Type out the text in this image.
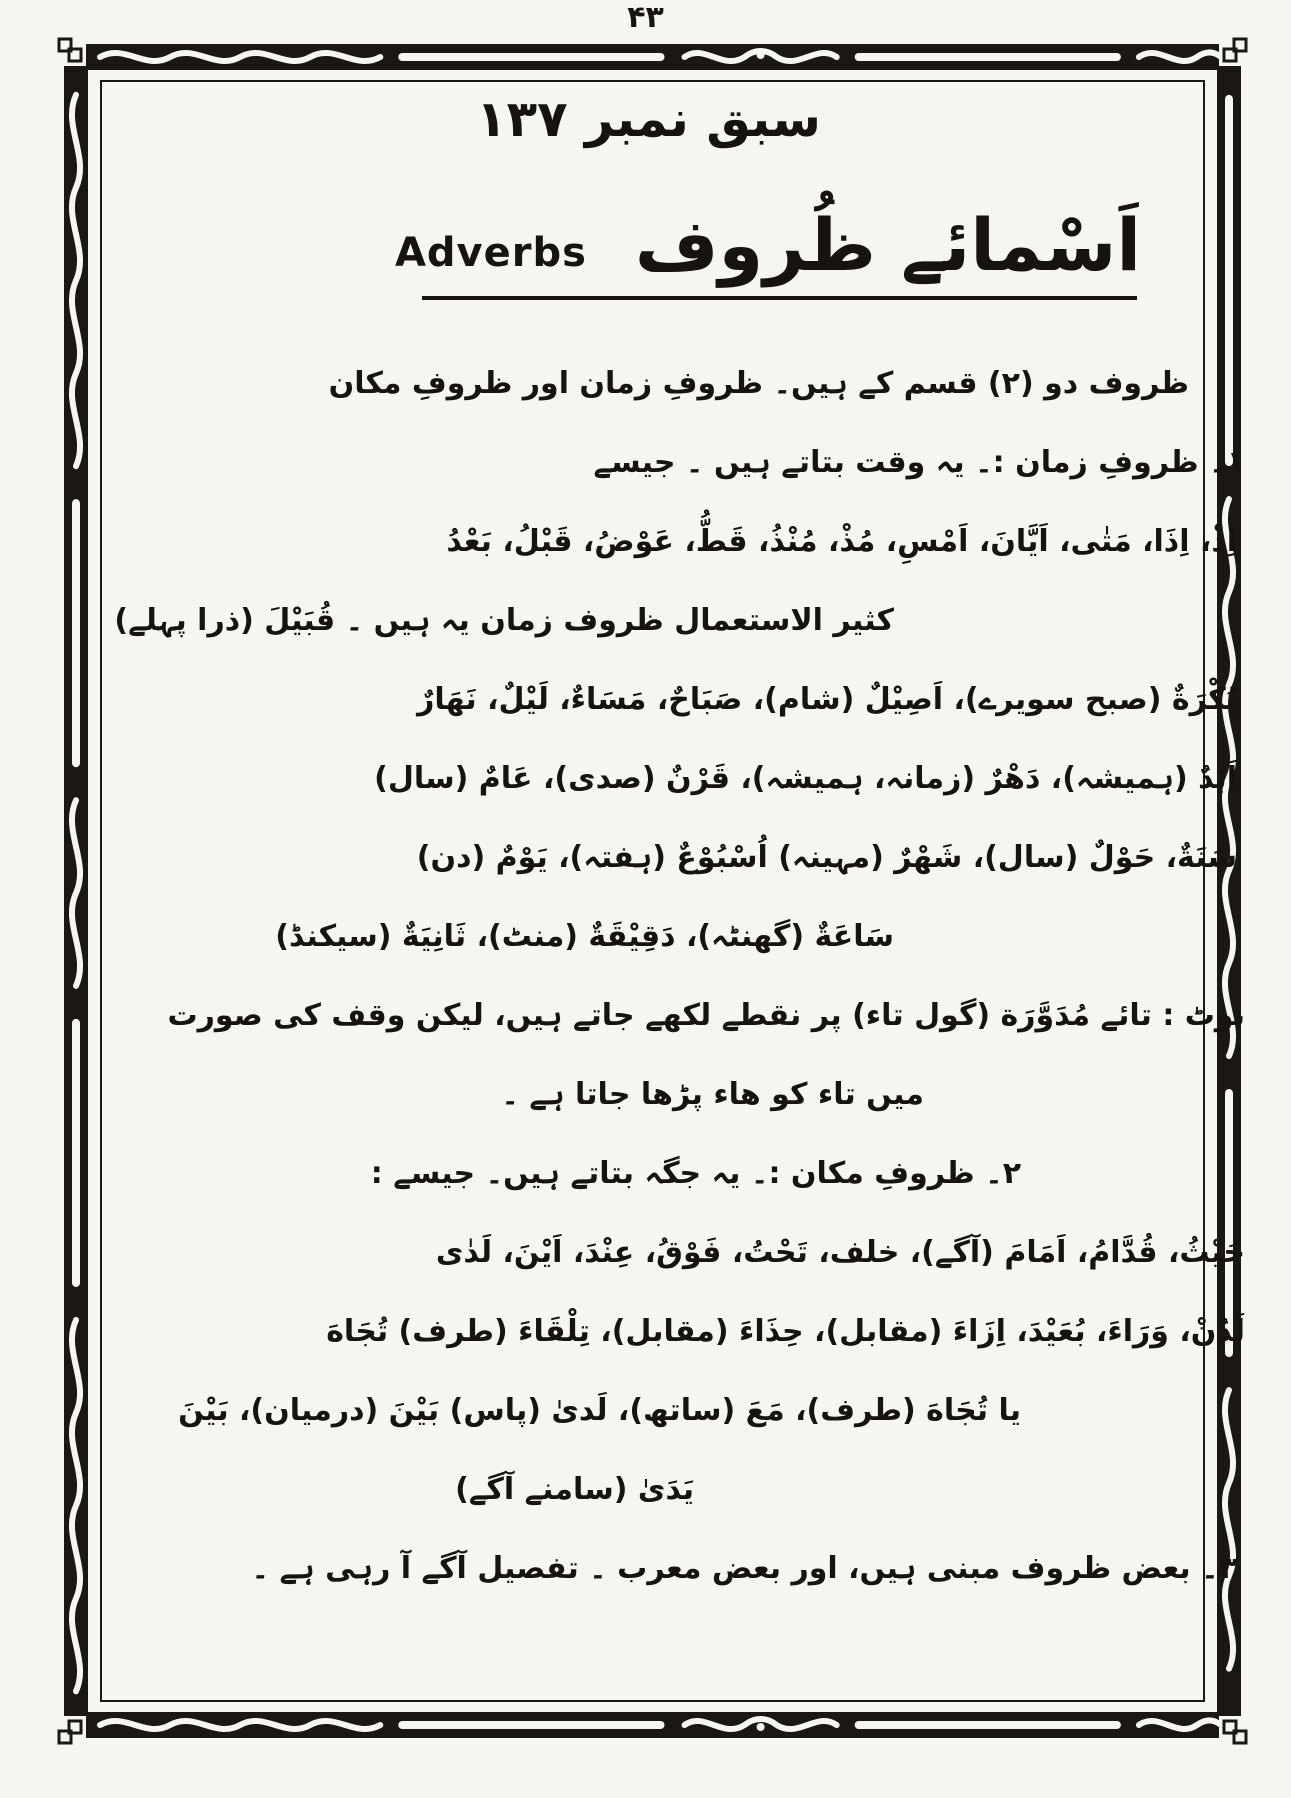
۴۳
سبق نمبر ۱۳۷
Adverbs اَسْمائے ظُروف
ظروف دو (۲) قسم کے ہیں۔ ظروفِ زمان اور ظروفِ مکان
۱۔ ظروفِ زمان :۔ یہ وقت بتاتے ہیں ۔ جیسے
اِذْ، اِذَا، مَتٰی، اَیَّانَ، اَمْسِ، مُذْ، مُنْذُ، قَطُّ، عَوْضُ، قَبْلُ، بَعْدُ
کثیر الاستعمال ظروف زمان یہ ہیں ۔ قُبَیْلَ (ذرا پہلے)
بُکْرَةٌ (صبح سویرے)، اَصِیْلٌ (شام)، صَبَاحٌ، مَسَاءٌ، لَیْلٌ، نَهَارٌ
اَبَدٌ (ہمیشہ)، دَهْرٌ (زمانہ، ہمیشہ)، قَرْنٌ (صدی)، عَامٌ (سال)
سَنَةٌ، حَوْلٌ (سال)، شَهْرٌ (مہینہ) اُسْبُوْعٌ (ہفتہ)، یَوْمٌ (دن)
سَاعَةٌ (گھنٹہ)، دَقِیْقَةٌ (منٹ)، ثَانِیَةٌ (سیکنڈ)
نوٹ : تائے مُدَوَّرَة (گول تاء) پر نقطے لکھے جاتے ہیں، لیکن وقف کی صورت
میں تاء کو ھاء پڑھا جاتا ہے ۔
۲۔ ظروفِ مکان :۔ یہ جگہ بتاتے ہیں۔ جیسے :
حَیْثُ، قُدَّامُ، اَمَامَ (آگے)، خلف، تَحْتُ، فَوْقُ، عِنْدَ، اَیْنَ، لَدٰی
لَدُنْ، وَرَاءَ، بُعَیْدَ، اِزَاءَ (مقابل)، حِذَاءَ (مقابل)، تِلْقَاءَ (طرف) تُجَاهَ
یا تُجَاهَ (طرف)، مَعَ (ساتھ)، لَدیٰ (پاس) بَیْنَ (درمیان)، بَیْنَ
یَدَیٰ (سامنے آگے)
۳۔ بعض ظروف مبنی ہیں، اور بعض معرب ۔ تفصیل آگے آ رہی ہے ۔
